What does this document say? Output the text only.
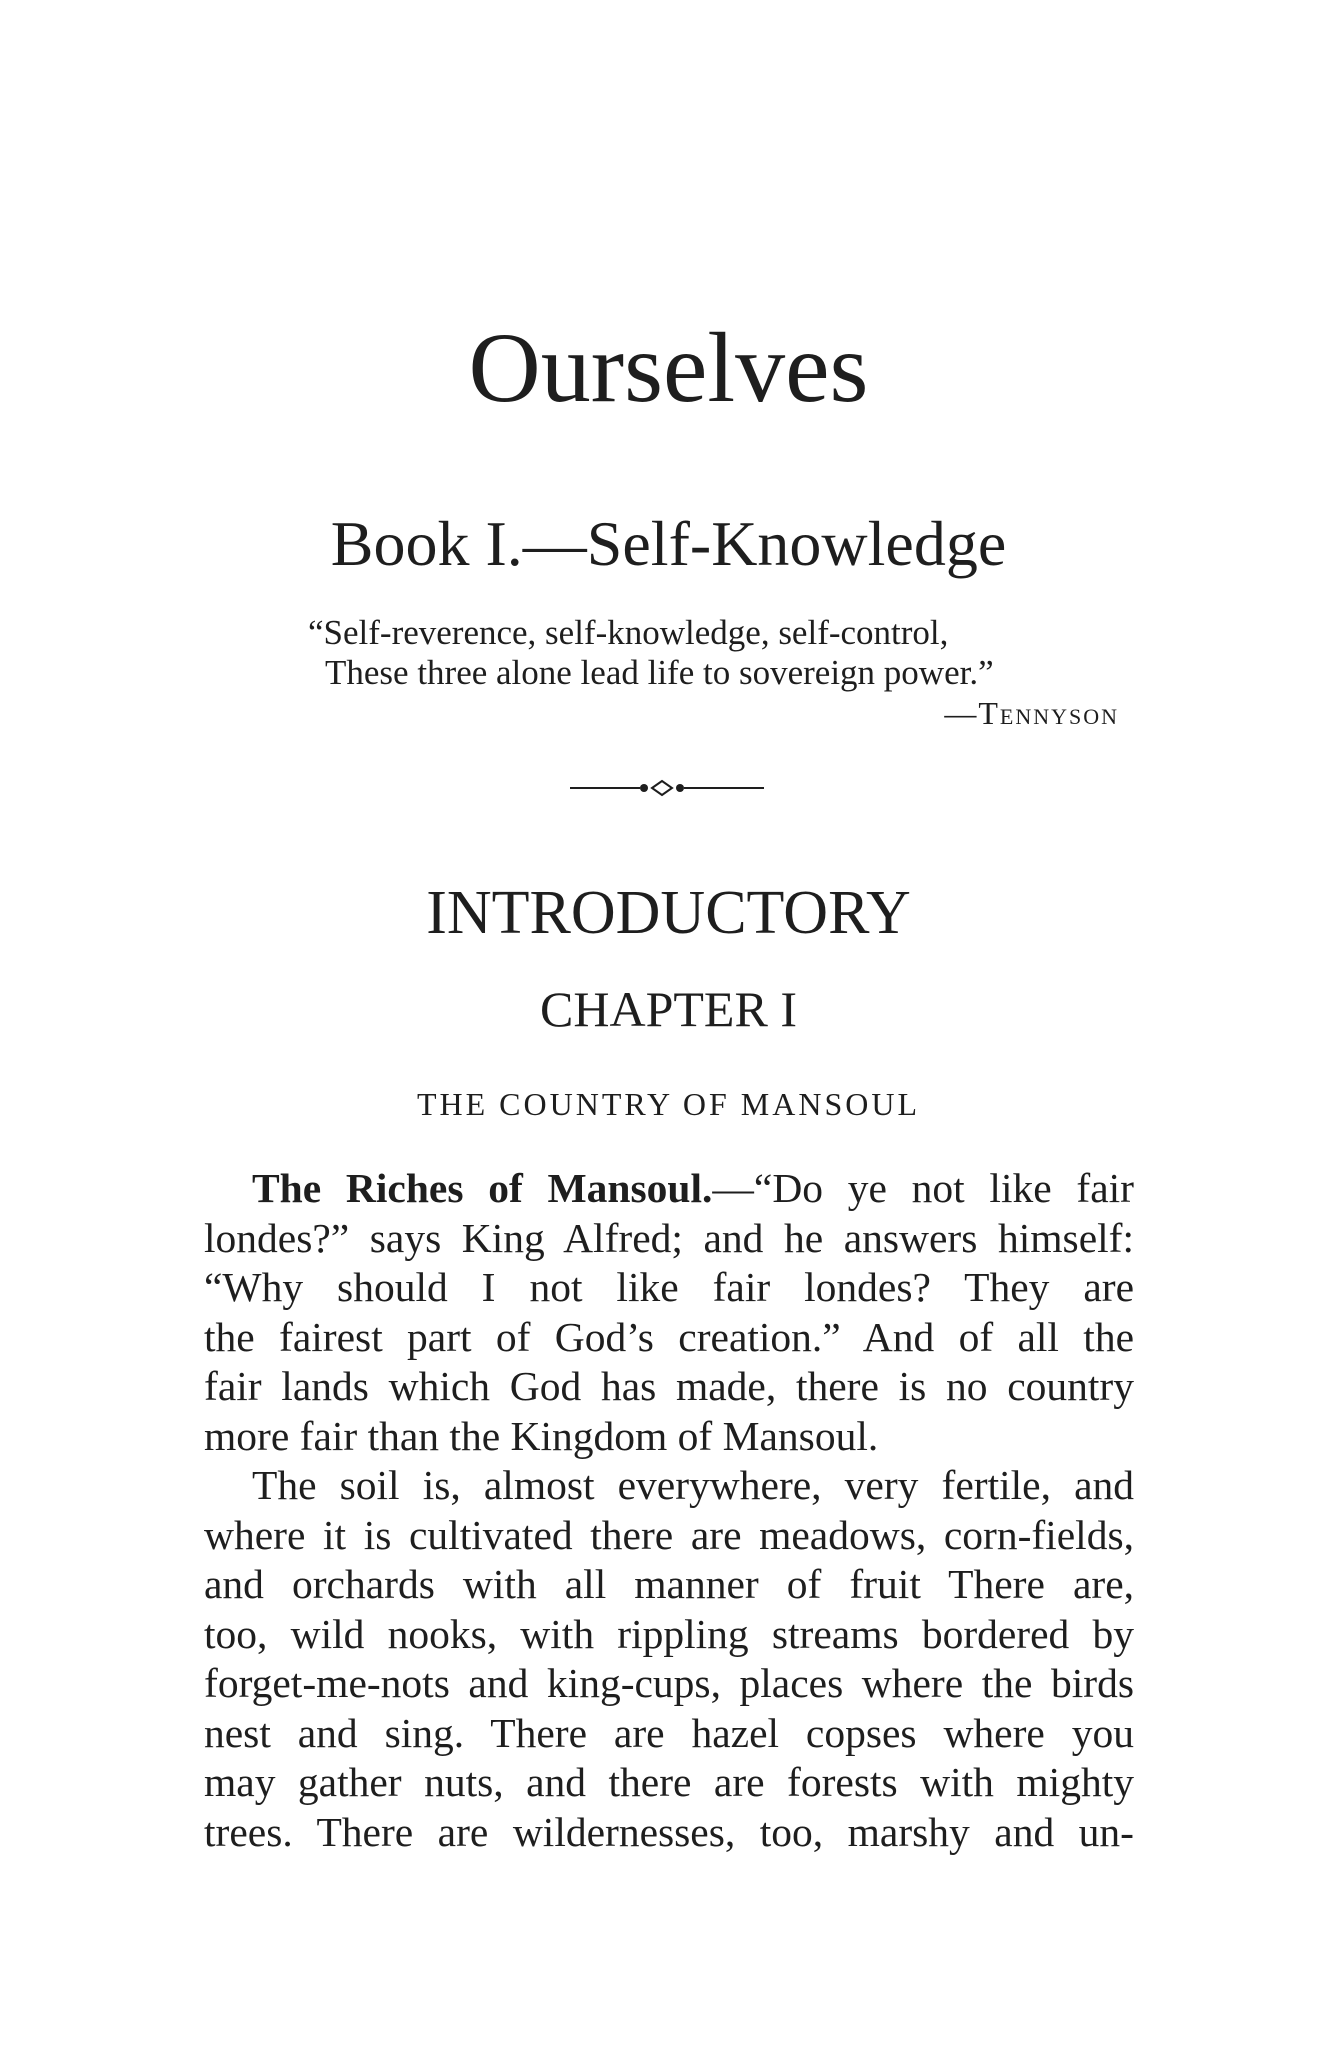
Ourselves
Book I.—Self-Knowledge
“Self-reverence, self-knowledge, self-control,
These three alone lead life to sovereign power.”
—Tennyson
INTRODUCTORY
CHAPTER I
THE COUNTRY OF MANSOUL
The Riches of Mansoul.—“Do ye not like fair
londes?” says King Alfred; and he answers himself:
“Why should I not like fair londes? They are
the fairest part of God’s creation.” And of all the
fair lands which God has made, there is no country
more fair than the Kingdom of Mansoul.
The soil is, almost everywhere, very fertile, and
where it is cultivated there are meadows, corn-fields,
and orchards with all manner of fruit There are,
too, wild nooks, with rippling streams bordered by
forget-me-nots and king-cups, places where the birds
nest and sing. There are hazel copses where you
may gather nuts, and there are forests with mighty
trees. There are wildernesses, too, marshy and un-
